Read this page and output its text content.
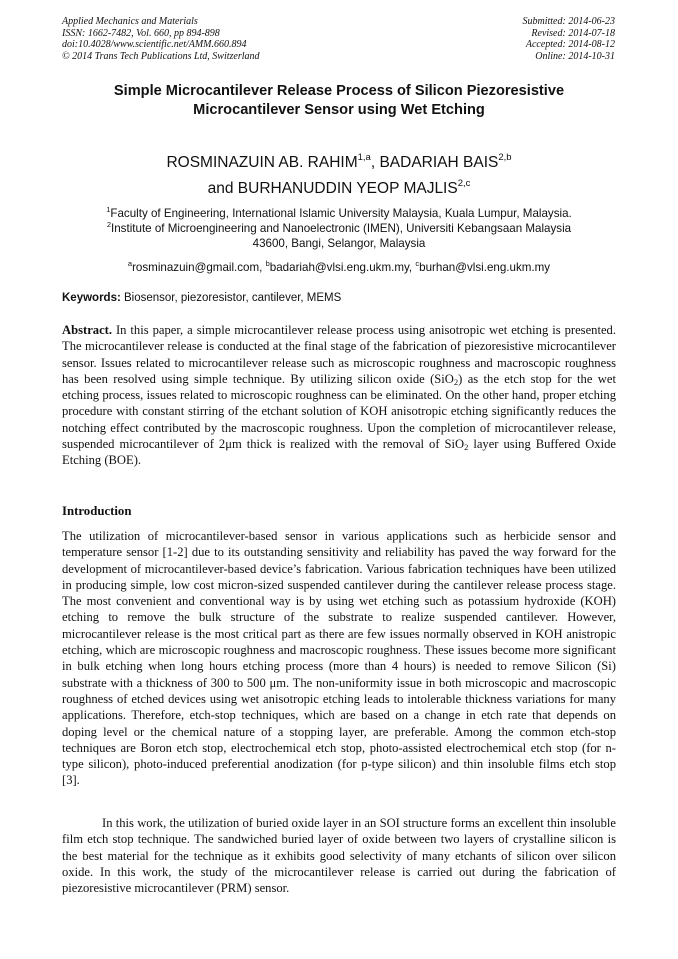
Applied Mechanics and Materials
ISSN: 1662-7482, Vol. 660, pp 894-898
doi:10.4028/www.scientific.net/AMM.660.894
© 2014 Trans Tech Publications Ltd, Switzerland
Submitted: 2014-06-23
Revised: 2014-07-18
Accepted: 2014-08-12
Online: 2014-10-31
Simple Microcantilever Release Process of Silicon Piezoresistive
Microcantilever Sensor using Wet Etching
ROSMINAZUIN AB. RAHIM$^{1,a}$, BADARIAH BAIS$^{2,b}$
and BURHANUDDIN YEOP MAJLIS$^{2,c}$
$^1$Faculty of Engineering, International Islamic University Malaysia, Kuala Lumpur, Malaysia.
$^2$Institute of Microengineering and Nanoelectronic (IMEN), Universiti Kebangsaan Malaysia
43600, Bangi, Selangor, Malaysia
$^a$rosminazuin@gmail.com, $^b$badariah@vlsi.eng.ukm.my, $^c$burhan@vlsi.eng.ukm.my
Keywords: Biosensor, piezoresistor, cantilever, MEMS
Abstract. In this paper, a simple microcantilever release process using anisotropic wet etching is presented. The microcantilever release is conducted at the final stage of the fabrication of piezoresistive microcantilever sensor. Issues related to microcantilever release such as microscopic roughness and macroscopic roughness has been resolved using simple technique. By utilizing silicon oxide (SiO$_2$) as the etch stop for the wet etching process, issues related to microscopic roughness can be eliminated. On the other hand, proper etching procedure with constant stirring of the etchant solution of KOH anisotropic etching significantly reduces the notching effect contributed by the macroscopic roughness. Upon the completion of microcantilever release, suspended microcantilever of 2μm thick is realized with the removal of SiO$_2$ layer using Buffered Oxide Etching (BOE).
Introduction
The utilization of microcantilever-based sensor in various applications such as herbicide sensor and temperature sensor [1-2] due to its outstanding sensitivity and reliability has paved the way forward for the development of microcantilever-based device’s fabrication. Various fabrication techniques have been utilized in producing simple, low cost micron-sized suspended cantilever during the cantilever release process stage. The most convenient and conventional way is by using wet etching such as potassium hydroxide (KOH) etching to remove the bulk structure of the substrate to realize suspended cantilever. However, microcantilever release is the most critical part as there are few issues normally observed in KOH anistropic etching, which are microscopic roughness and macroscopic roughness. These issues become more significant in bulk etching when long hours etching process (more than 4 hours) is needed to remove Silicon (Si) substrate with a thickness of 300 to 500 μm. The non-uniformity issue in both microscopic and macroscopic roughness of etched devices using wet anisotropic etching leads to intolerable thickness variations for many applications. Therefore, etch-stop techniques, which are based on a change in etch rate that depends on doping level or the chemical nature of a stopping layer, are preferable. Among the common etch-stop techniques are Boron etch stop, electrochemical etch stop, photo-assisted electrochemical etch stop (for n-type silicon), photo-induced preferential anodization (for p-type silicon) and thin insoluble films etch stop [3].
In this work, the utilization of buried oxide layer in an SOI structure forms an excellent thin insoluble film etch stop technique. The sandwiched buried layer of oxide between two layers of crystalline silicon is the best material for the technique as it exhibits good selectivity of many etchants of silicon over silicon oxide. In this work, the study of the microcantilever release is carried out during the fabrication of piezoresistive microcantilever (PRM) sensor.
